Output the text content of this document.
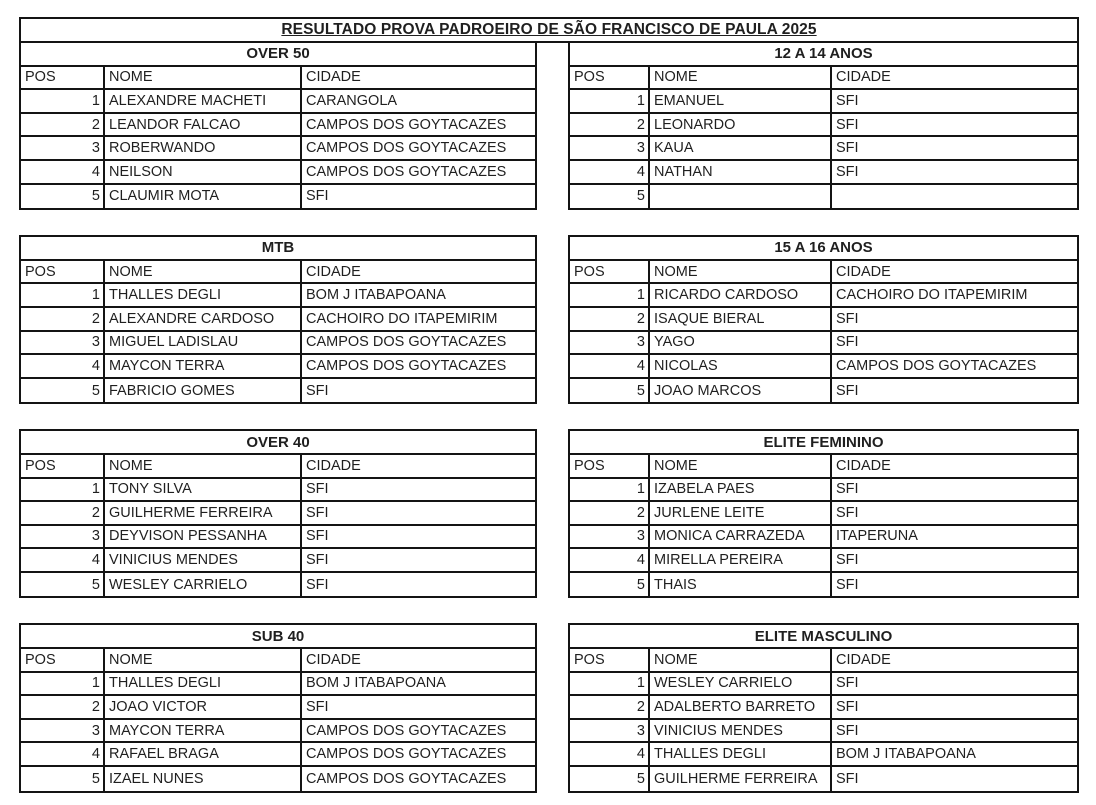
RESULTADO PROVA PADROEIRO DE SÃO FRANCISCO DE PAULA 2025
OVER 50
POS	NOME	CIDADE
1 ALEXANDRE MACHETI	CARANGOLA
2 LEANDOR FALCAO	CAMPOS DOS GOYTACAZES
3 ROBERWANDO	CAMPOS DOS GOYTACAZES
4 NEILSON	CAMPOS DOS GOYTACAZES
5 CLAUMIR MOTA	SFI
12 A 14 ANOS
POS	NOME	CIDADE
1 EMANUEL	SFI
2 LEONARDO	SFI
3 KAUA	SFI
4 NATHAN	SFI
5
MTB
POS	NOME	CIDADE
1 THALLES DEGLI	BOM J ITABAPOANA
2 ALEXANDRE CARDOSO	CACHOIRO DO ITAPEMIRIM
3 MIGUEL LADISLAU	CAMPOS DOS GOYTACAZES
4 MAYCON TERRA	CAMPOS DOS GOYTACAZES
5 FABRICIO GOMES	SFI
15 A 16 ANOS
POS	NOME	CIDADE
1 RICARDO CARDOSO	CACHOIRO DO ITAPEMIRIM
2 ISAQUE BIERAL	SFI
3 YAGO	SFI
4 NICOLAS	CAMPOS DOS GOYTACAZES
5 JOAO MARCOS	SFI
OVER 40
POS	NOME	CIDADE
1 TONY SILVA	SFI
2 GUILHERME FERREIRA	SFI
3 DEYVISON PESSANHA	SFI
4 VINICIUS MENDES	SFI
5 WESLEY CARRIELO	SFI
ELITE FEMININO
POS	NOME	CIDADE
1 IZABELA PAES	SFI
2 JURLENE LEITE	SFI
3 MONICA CARRAZEDA	ITAPERUNA
4 MIRELLA PEREIRA	SFI
5 THAIS	SFI
SUB 40
POS	NOME	CIDADE
1 THALLES DEGLI	BOM J ITABAPOANA
2 JOAO VICTOR	SFI
3 MAYCON TERRA	CAMPOS DOS GOYTACAZES
4 RAFAEL BRAGA	CAMPOS DOS GOYTACAZES
5 IZAEL NUNES	CAMPOS DOS GOYTACAZES
ELITE MASCULINO
POS	NOME	CIDADE
1 WESLEY CARRIELO	SFI
2 ADALBERTO BARRETO	SFI
3 VINICIUS MENDES	SFI
4 THALLES DEGLI	BOM J ITABAPOANA
5 GUILHERME FERREIRA	SFI
